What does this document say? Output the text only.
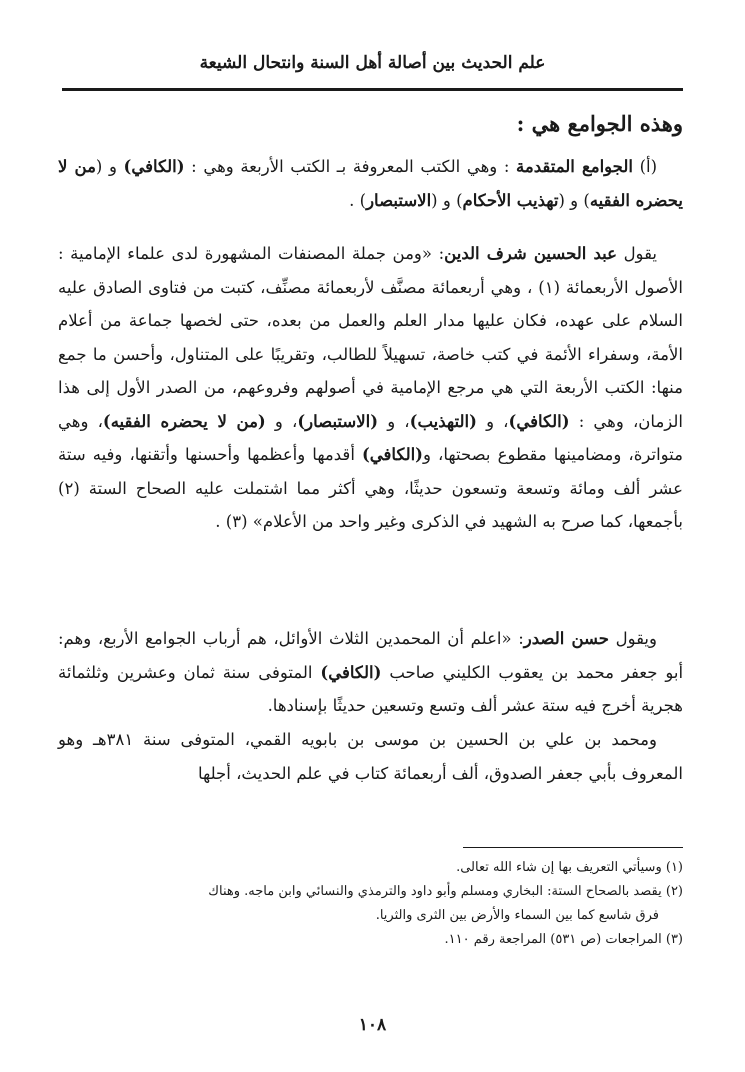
علم الحديث بين أصالة أهل السنة وانتحال الشيعة
وهذه الجوامع هي :

(أ) الجوامع المتقدمة : وهي الكتب المعروفة بـ الكتب الأربعة وهي : (الكافي) و (من لا يحضره الفقيه) و (تهذيب الأحكام) و (الاستبصار) .

يقول عبد الحسين شرف الدين: «ومن جملة المصنفات المشهورة لدى علماء الإمامية : الأصول الأربعمائة (١) ، وهي أربعمائة مصنَّف لأربعمائة مصنِّف، كتبت من فتاوى الصادق عليه السلام على عهده، فكان عليها مدار العلم والعمل من بعده، حتى لخصها جماعة من أعلام الأمة، وسفراء الأئمة في كتب خاصة، تسهيلاً للطالب، وتقريبًا على المتناول، وأحسن ما جمع منها: الكتب الأربعة التي هي مرجع الإمامية في أصولهم وفروعهم، من الصدر الأول إلى هذا الزمان، وهي : (الكافي)، و (التهذيب)، و (الاستبصار)، و (من لا يحضره الفقيه)، وهي متواترة، ومضامينها مقطوع بصحتها، و(الكافي) أقدمها وأعظمها وأحسنها وأتقنها، وفيه ستة عشر ألف ومائة وتسعة وتسعون حديثًا، وهي أكثر مما اشتملت عليه الصحاح الستة (٢) بأجمعها، كما صرح به الشهيد في الذكرى وغير واحد من الأعلام» (٣) .

ويقول حسن الصدر: «اعلم أن المحمدين الثلاث الأوائل، هم أرباب الجوامع الأربع، وهم: أبو جعفر محمد بن يعقوب الكليني صاحب (الكافي) المتوفى سنة ثمان وعشرين وثلثمائة هجرية أخرج فيه ستة عشر ألف وتسع وتسعين حديثًا بإسنادها.

ومحمد بن علي بن الحسين بن موسى بن بابويه القمي، المتوفى سنة ٣٨١هـ وهو المعروف بأبي جعفر الصدوق، ألف أربعمائة كتاب في علم الحديث، أجلها

(١) وسيأتي التعريف بها إن شاء الله تعالى.

(٢) يقصد بالصحاح الستة: البخاري ومسلم وأبو داود والترمذي والنسائي وابن ماجه. وهناك

فرق شاسع كما بين السماء والأرض بين الثرى والثريا.

(٣) المراجعات (ص ٥٣١) المراجعة رقم ١١٠.

١٠٨
